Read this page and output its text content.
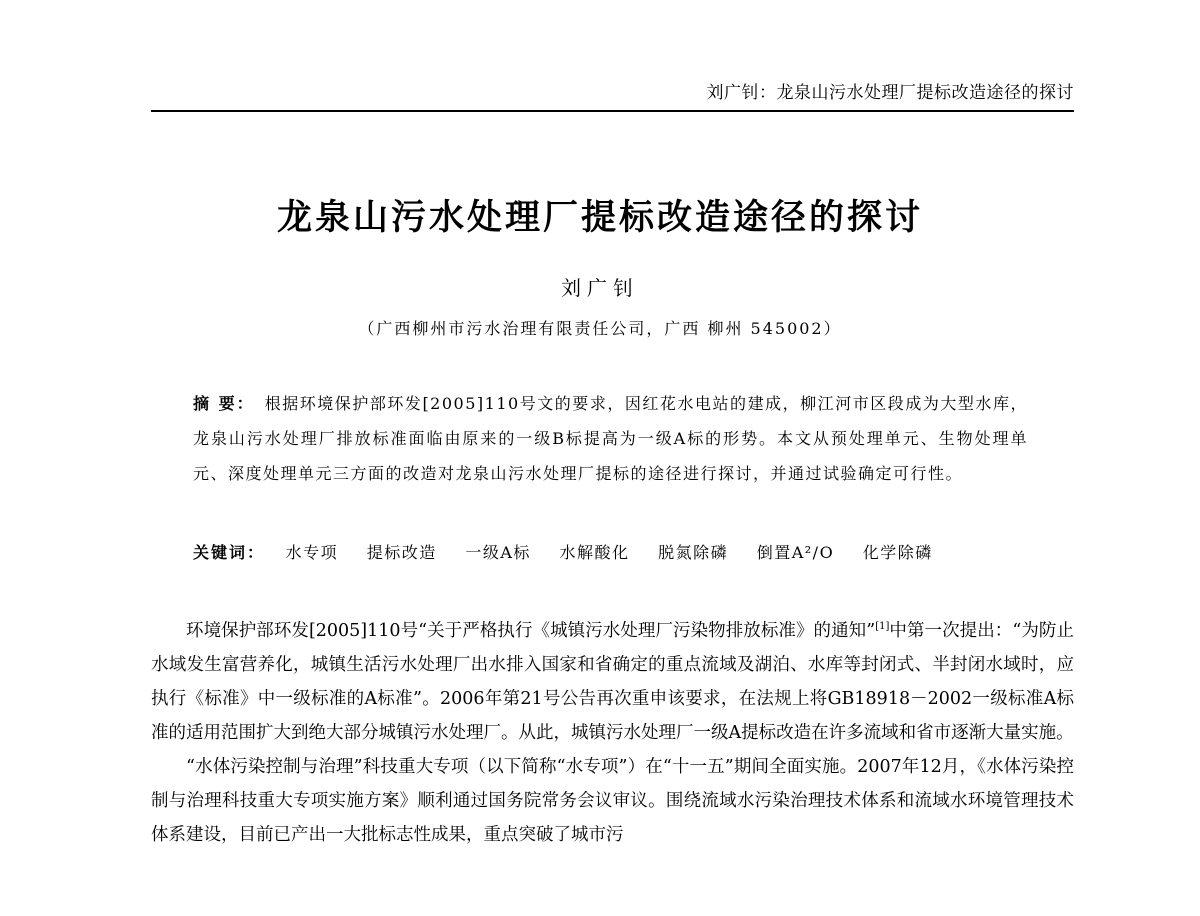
刘广钊：龙泉山污水处理厂提标改造途径的探讨
龙泉山污水处理厂提标改造途径的探讨
刘广钊
（广西柳州市污水治理有限责任公司，广西 柳州 545002）
摘 要： 根据环境保护部环发[2005]110号文的要求，因红花水电站的建成，柳江河市区段成为大型水库，龙泉山污水处理厂排放标准面临由原来的一级B标提高为一级A标的形势。本文从预处理单元、生物处理单元、深度处理单元三方面的改造对龙泉山污水处理厂提标的途径进行探讨，并通过试验确定可行性。
关键词： 水专项 提标改造 一级A标 水解酸化 脱氮除磷 倒置A²/O 化学除磷

环境保护部环发[2005]110号“关于严格执行《城镇污水处理厂污染物排放标准》的通知”[1]中第一次提出：“为防止水域发生富营养化，城镇生活污水处理厂出水排入国家和省确定的重点流域及湖泊、水库等封闭式、半封闭水域时，应执行《标准》中一级标准的A标准”。2006年第21号公告再次重申该要求，在法规上将GB18918－2002一级标准A标准的适用范围扩大到绝大部分城镇污水处理厂。从此，城镇污水处理厂一级A提标改造在许多流域和省市逐渐大量实施。

“水体污染控制与治理”科技重大专项（以下简称“水专项”）在“十一五”期间全面实施。2007年12月，《水体污染控制与治理科技重大专项实施方案》顺利通过国务院常务会议审议。围绕流域水污染治理技术体系和流域水环境管理技术体系建设，目前已产出一大批标志性成果，重点突破了城市污
